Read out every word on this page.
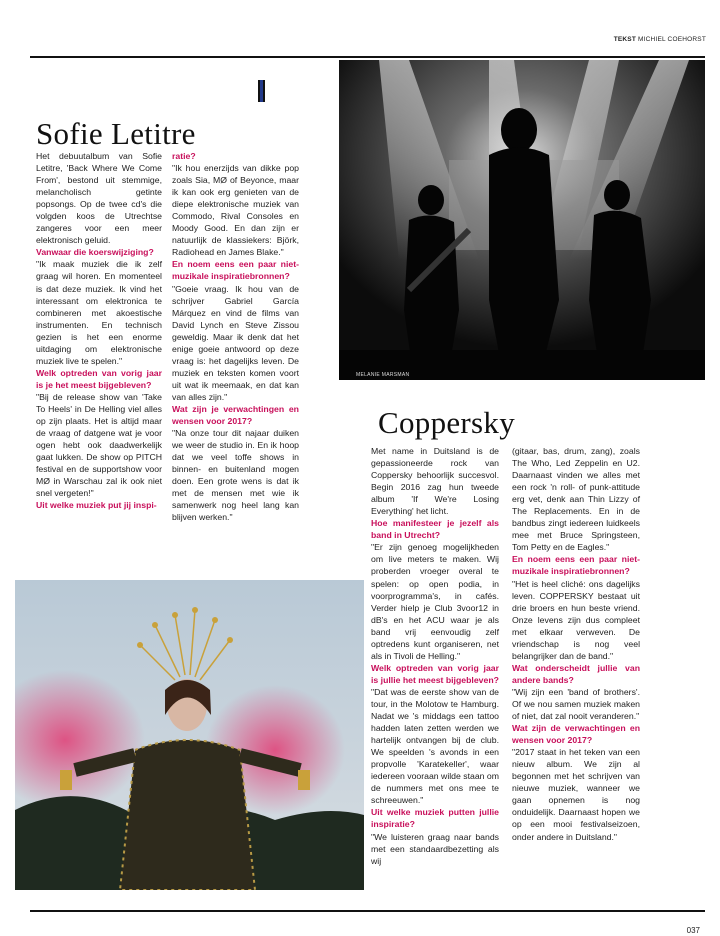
TEKST MICHIEL COEHORST
Sofie Letitre

Het debuutalbum van Sofie Letitre, 'Back Where We Come From', bestond uit stemmige, melancholisch getinte popsongs. Op de twee cd's die volgden koos de Utrechtse zangeres voor een meer elektronisch geluid.

Vanwaar die koerswijziging?

"Ik maak muziek die ik zelf graag wil horen. En momenteel is dat deze muziek. Ik vind het interessant om elektronica te combineren met akoestische instrumenten. En technisch gezien is het een enorme uitdaging om elektronische muziek live te spelen."

Welk optreden van vorig jaar is je het meest bijgebleven?

"Bij de release show van 'Take To Heels' in De Helling viel alles op zijn plaats. Het is altijd maar de vraag of datgene wat je voor ogen hebt ook daadwerkelijk gaat lukken. De show op PITCH festival en de supportshow voor MØ in Warschau zal ik ook niet snel vergeten!"

Uit welke muziek put jij inspi-

ratie?

"Ik hou enerzijds van dikke pop zoals Sia, MØ of Beyonce, maar ik kan ook erg genieten van de diepe elektronische muziek van Commodo, Rival Consoles en Moody Good. En dan zijn er natuurlijk de klassiekers: Björk, Radiohead en James Blake."

En noem eens een paar niet-muzikale inspiratiebronnen?

"Goeie vraag. Ik hou van de schrijver Gabriel García Márquez en vind de films van David Lynch en Steve Zissou geweldig. Maar ik denk dat het enige goeie antwoord op deze vraag is: het dagelijks leven. De muziek en teksten komen voort uit wat ik meemaak, en dat kan van alles zijn."

Wat zijn je verwachtingen en wensen voor 2017?

"Na onze tour dit najaar duiken we weer de studio in. En ik hoop dat we veel toffe shows in binnen- en buitenland mogen doen. Een grote wens is dat ik met de mensen met wie ik samenwerk nog heel lang kan blijven werken."

MELANIE MARSMAN
Coppersky

Met name in Duitsland is de gepassioneerde rock van Coppersky behoorlijk succesvol. Begin 2016 zag hun tweede album 'If We're Losing Everything' het licht.

Hoe manifesteer je jezelf als band in Utrecht?

"Er zijn genoeg mogelijkheden om live meters te maken. Wij proberden vroeger overal te spelen: op open podia, in voorprogramma's, in cafés. Verder hielp je Club 3voor12 in dB's en het ACU waar je als band vrij eenvoudig zelf optredens kunt organiseren, net als in Tivoli de Helling."

Welk optreden van vorig jaar is jullie het meest bijgebleven?

"Dat was de eerste show van de tour, in the Molotow te Hamburg. Nadat we 's middags een tattoo hadden laten zetten werden we hartelijk ontvangen bij de club. We speelden 's avonds in een propvolle 'Karatekeller', waar iedereen vooraan wilde staan om de nummers met ons mee te schreeuwen."

Uit welke muziek putten jullie inspiratie?

"We luisteren graag naar bands met een standaardbezetting als wij

(gitaar, bas, drum, zang), zoals The Who, Led Zeppelin en U2. Daarnaast vinden we alles met een rock 'n roll- of punk-attitude erg vet, denk aan Thin Lizzy of The Replacements. En in de bandbus zingt iedereen luidkeels mee met Bruce Springsteen, Tom Petty en de Eagles."

En noem eens een paar niet-muzikale inspiratiebronnen?

"Het is heel cliché: ons dagelijks leven. COPPERSKY bestaat uit drie broers en hun beste vriend. Onze levens zijn dus compleet met elkaar verweven. De vriendschap is nog veel belangrijker dan de band."

Wat onderscheidt jullie van andere bands?

"Wij zijn een 'band of brothers'. Of we nou samen muziek maken of niet, dat zal nooit veranderen."

Wat zijn de verwachtingen en wensen voor 2017?

"2017 staat in het teken van een nieuw album. We zijn al begonnen met het schrijven van nieuwe muziek, wanneer we gaan opnemen is nog onduidelijk. Daarnaast hopen we op een mooi festivalseizoen, onder andere in Duitsland."

037
